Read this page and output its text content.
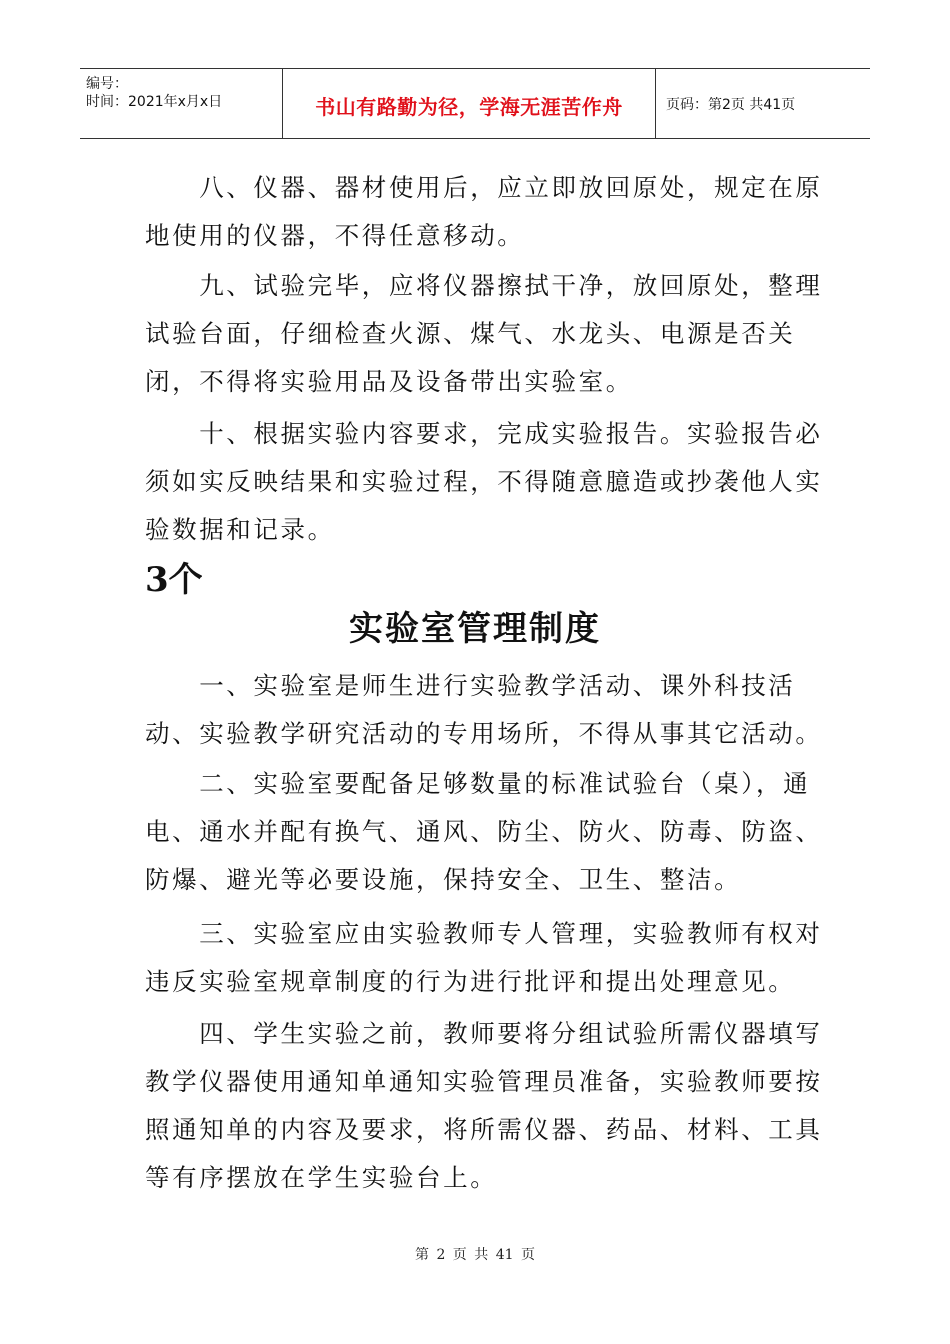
编号：
时间：2021年x月x日	书山有路勤为径，学海无涯苦作舟	页码：第2页 共41页
　　八、仪器、器材使用后，应立即放回原处，规定在原
地使用的仪器，不得任意移动。
　　九、试验完毕，应将仪器擦拭干净，放回原处，整理
试验台面，仔细检查火源、煤气、水龙头、电源是否关
闭，不得将实验用品及设备带出实验室。
　　十、根据实验内容要求，完成实验报告。实验报告必
须如实反映结果和实验过程，不得随意臆造或抄袭他人实
验数据和记录。
3个
实验室管理制度
　　一、实验室是师生进行实验教学活动、课外科技活
动、实验教学研究活动的专用场所，不得从事其它活动。
　　二、实验室要配备足够数量的标准试验台（桌），通
电、通水并配有换气、通风、防尘、防火、防毒、防盗、
防爆、避光等必要设施，保持安全、卫生、整洁。
　　三、实验室应由实验教师专人管理，实验教师有权对
违反实验室规章制度的行为进行批评和提出处理意见。
　　四、学生实验之前，教师要将分组试验所需仪器填写
教学仪器使用通知单通知实验管理员准备，实验教师要按
照通知单的内容及要求，将所需仪器、药品、材料、工具
等有序摆放在学生实验台上。
第 2 页 共 41 页
